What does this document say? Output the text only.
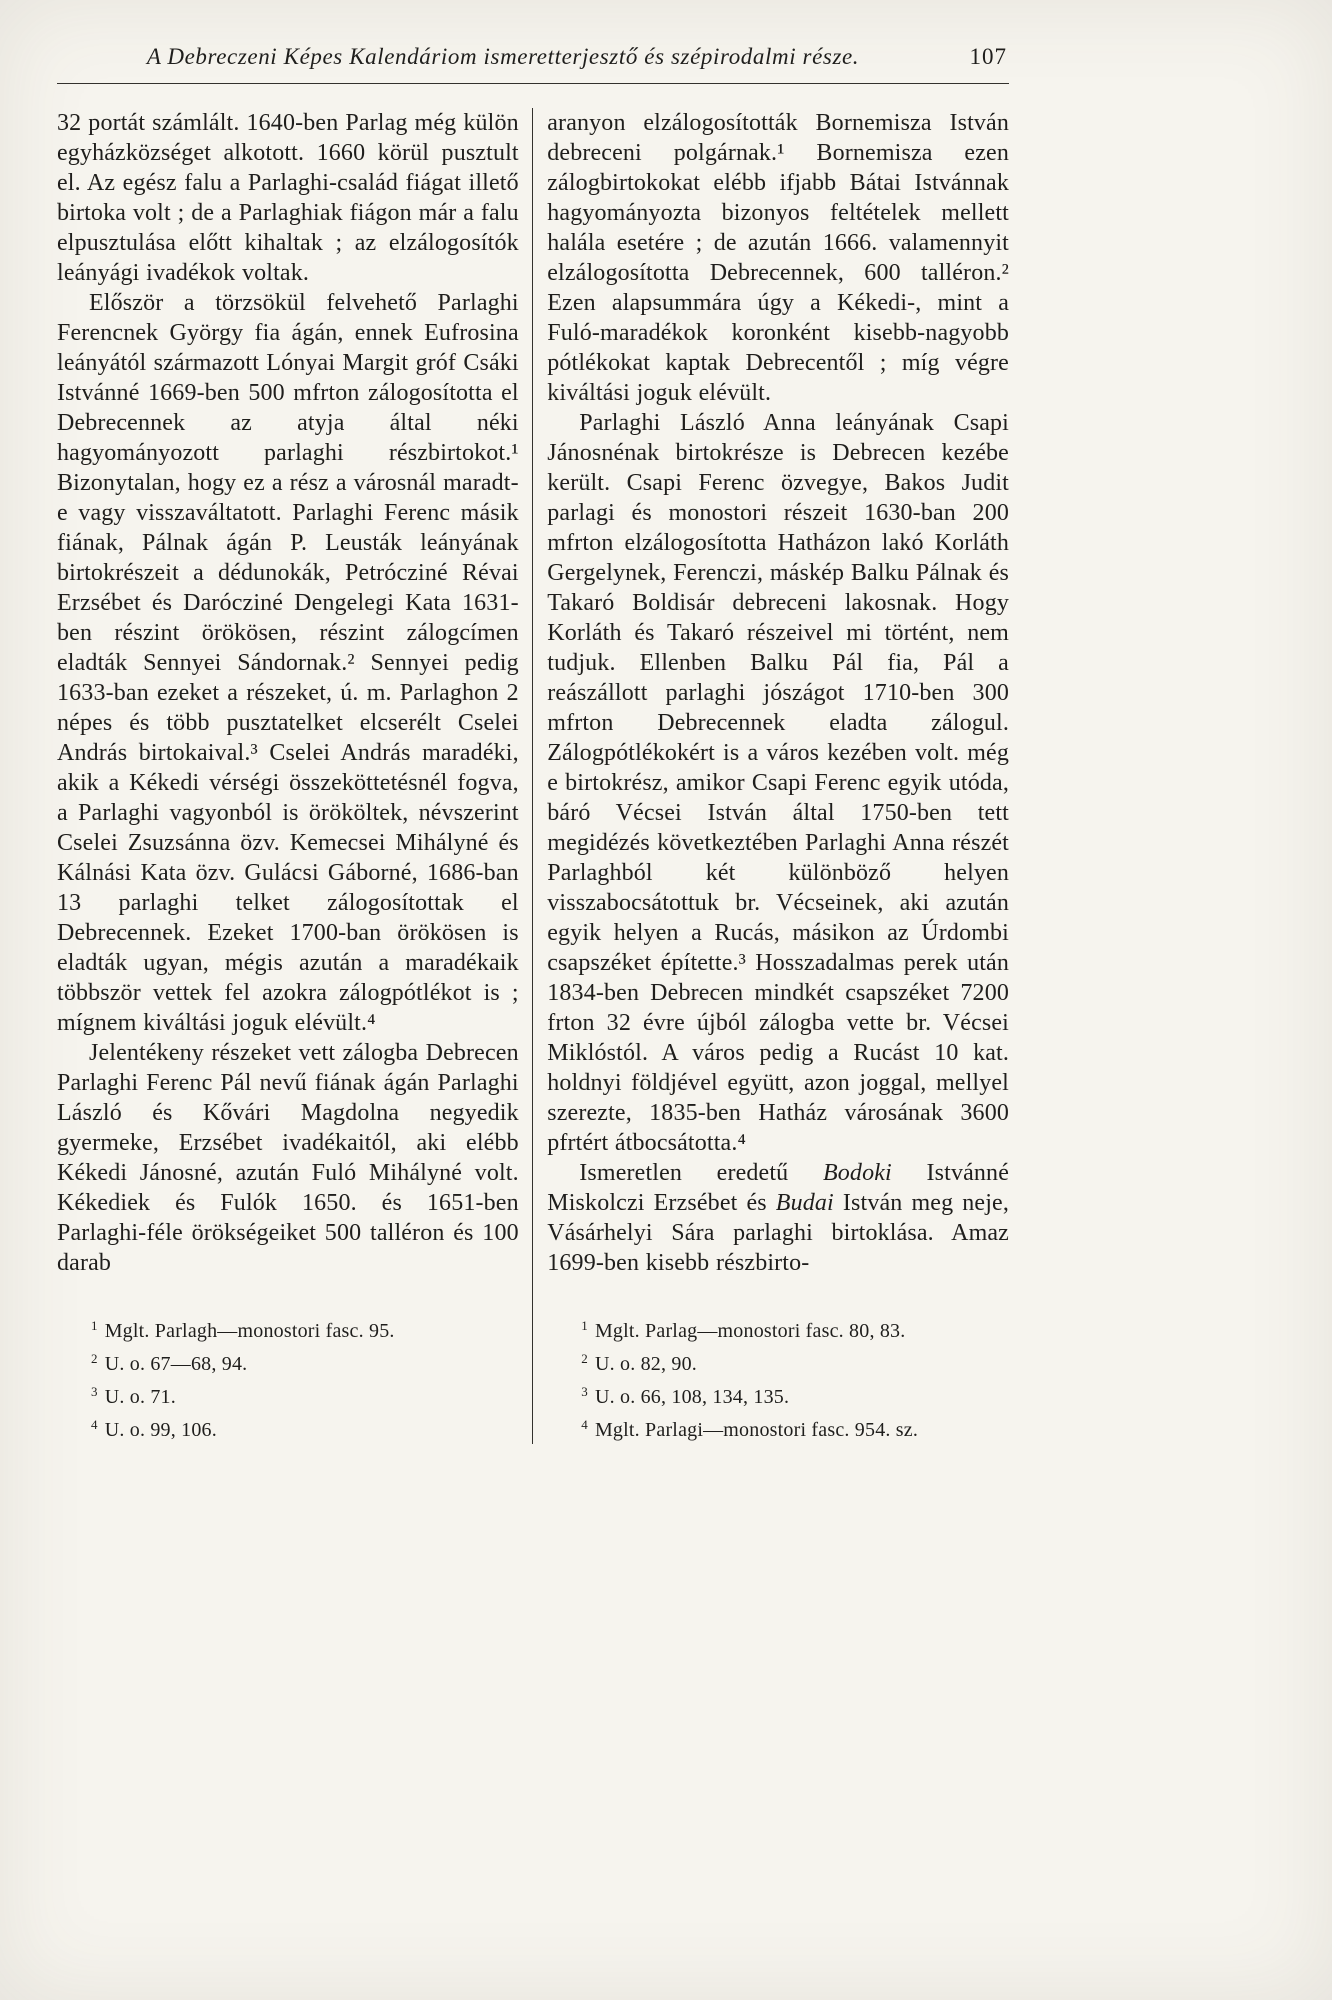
A Debreczeni Képes Kalendáriom ismeretterjesztő és szépirodalmi része.	107

32 portát számlált. 1640-ben Parlag még külön egyházközséget alkotott. 1660 körül pusztult el. Az egész falu a Parlaghi-család fiágat illető birtoka volt ; de a Parlaghiak fiágon már a falu elpusztulása előtt kihaltak ; az elzálogosítók leányági ivadékok voltak.

Először a törzsökül felvehető Parlaghi Ferencnek György fia ágán, ennek Eufrosina leányától származott Lónyai Margit gróf Csáki Istvánné 1669-ben 500 mfrton zálogosította el Debrecennek az atyja által néki hagyományozott parlaghi részbirtokot.¹ Bizonytalan, hogy ez a rész a városnál maradt-e vagy visszaváltatott. Parlaghi Ferenc másik fiának, Pálnak ágán P. Leusták leányának birtokrészeit a dédunokák, Petrócziné Révai Erzsébet és Darócziné Dengelegi Kata 1631-ben részint örökösen, részint zálogcímen eladták Sennyei Sándornak.² Sennyei pedig 1633-ban ezeket a részeket, ú. m. Parlaghon 2 népes és több pusztatelket elcserélt Cselei András birtokaival.³ Cselei András maradéki, akik a Kékedi vérségi összeköttetésnél fogva, a Parlaghi vagyonból is örököltek, névszerint Cselei Zsuzsánna özv. Kemecsei Mihályné és Kálnási Kata özv. Gulácsi Gáborné, 1686-ban 13 parlaghi telket zálogosítottak el Debrecennek. Ezeket 1700-ban örökösen is eladták ugyan, mégis azután a maradékaik többször vettek fel azokra zálogpótlékot is ; mígnem kiváltási joguk elévült.⁴

Jelentékeny részeket vett zálogba Debrecen Parlaghi Ferenc Pál nevű fiának ágán Parlaghi László és Kővári Magdolna negyedik gyermeke, Erzsébet ivadékaitól, aki elébb Kékedi Jánosné, azután Fuló Mihályné volt. Kékediek és Fulók 1650. és 1651-ben Parlaghi-féle örökségeiket 500 talléron és 100 darab

$^1$ Mglt. Parlagh—monostori fasc. 95.
$^2$ U. o. 67—68, 94.
$^3$ U. o. 71.
$^4$ U. o. 99, 106.

aranyon elzálogosították Bornemisza István debreceni polgárnak.¹ Bornemisza ezen zálogbirtokokat elébb ifjabb Bátai Istvánnak hagyományozta bizonyos feltételek mellett halála esetére ; de azután 1666. valamennyit elzálogosította Debrecennek, 600 talléron.² Ezen alapsummára úgy a Kékedi-, mint a Fuló-maradékok koronként kisebb-nagyobb pótlékokat kaptak Debrecentől ; míg végre kiváltási joguk elévült.

Parlaghi László Anna leányának Csapi Jánosnénak birtokrésze is Debrecen kezébe került. Csapi Ferenc özvegye, Bakos Judit parlagi és monostori részeit 1630-ban 200 mfrton elzálogosította Hatházon lakó Korláth Gergelynek, Ferenczi, máskép Balku Pálnak és Takaró Boldisár debreceni lakosnak. Hogy Korláth és Takaró részeivel mi történt, nem tudjuk. Ellenben Balku Pál fia, Pál a reászállott parlaghi jószágot 1710-ben 300 mfrton Debrecennek eladta zálogul. Zálogpótlékokért is a város kezében volt. még e birtokrész, amikor Csapi Ferenc egyik utóda, báró Vécsei István által 1750-ben tett megidézés következtében Parlaghi Anna részét Parlaghból két különböző helyen visszabocsátottuk br. Vécseinek, aki azután egyik helyen a Rucás, másikon az Úrdombi csapszéket építette.³ Hosszadalmas perek után 1834-ben Debrecen mindkét csapszéket 7200 frton 32 évre újból zálogba vette br. Vécsei Miklóstól. A város pedig a Rucást 10 kat. holdnyi földjével együtt, azon joggal, mellyel szerezte, 1835-ben Hatház városának 3600 pfrtért átbocsátotta.⁴

Ismeretlen eredetű Bodoki Istvánné Miskolczi Erzsébet és Budai István meg neje, Vásárhelyi Sára parlaghi birtoklása. Amaz 1699-ben kisebb részbirto-

$^1$ Mglt. Parlag—monostori fasc. 80, 83.
$^2$ U. o. 82, 90.
$^3$ U. o. 66, 108, 134, 135.
$^4$ Mglt. Parlagi—monostori fasc. 954. sz.
